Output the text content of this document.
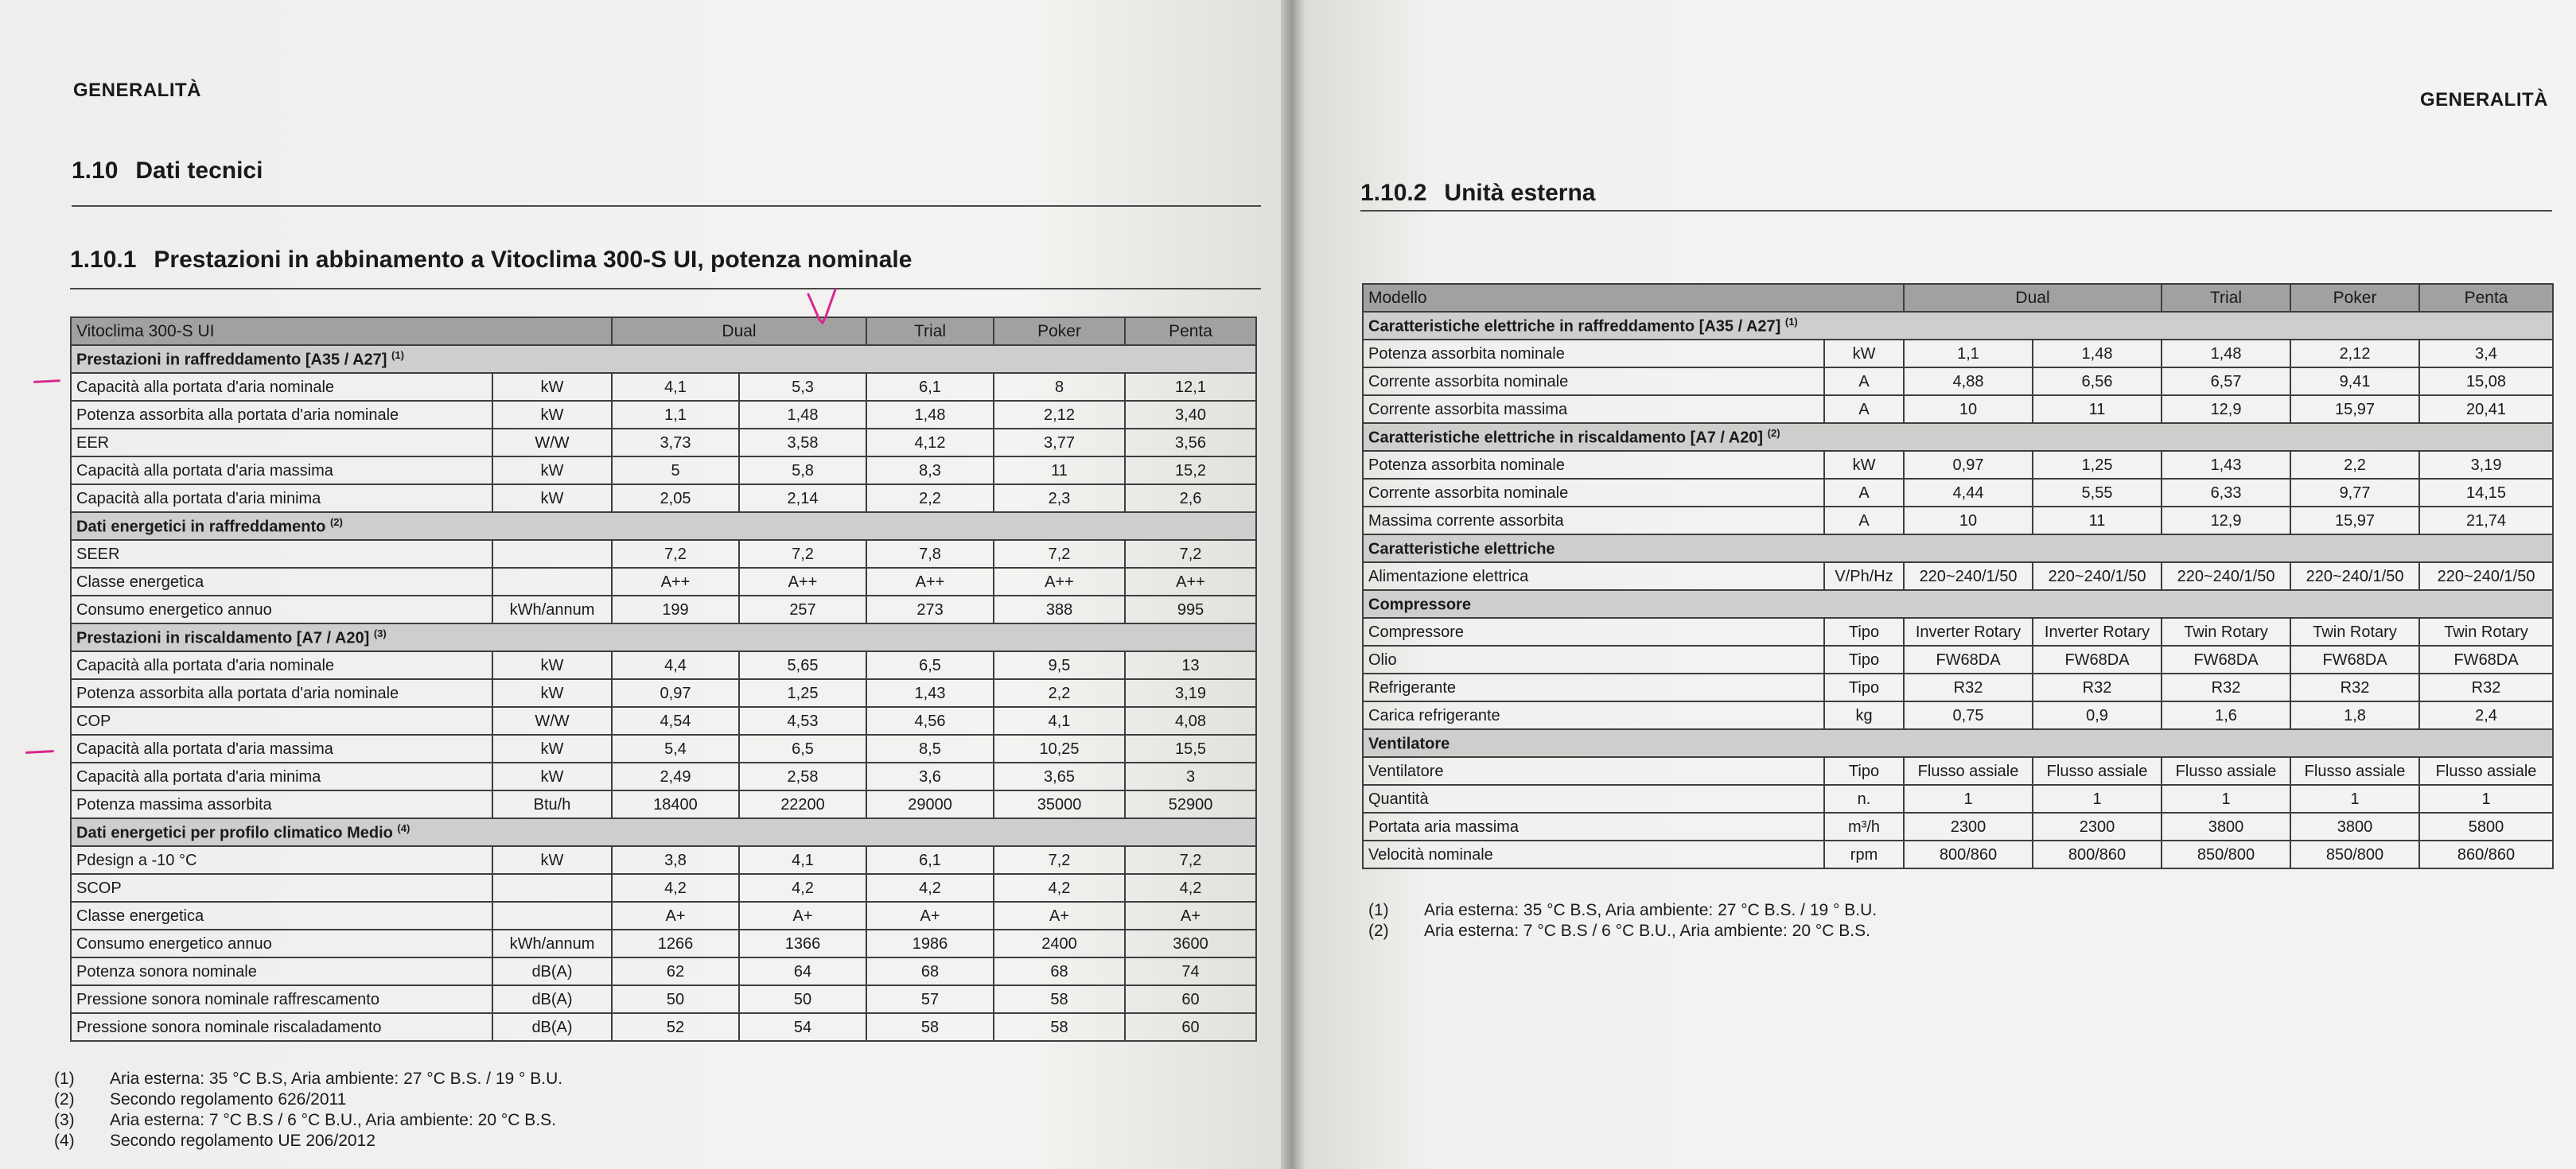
GENERALITÀ
1.10 Dati tecnici
1.10.1 Prestazioni in abbinamento a Vitoclima 300-S UI, potenza nominale
Vitoclima 300-S UI		Dual		Trial	Poker	Penta
Prestazioni in raffreddamento [A35 / A27] $^{(1)}$
Capacità alla portata d'aria nominale	kW	4,1	5,3	6,1	8	12,1
Potenza assorbita alla portata d'aria nominale	kW	1,1	1,48	1,48	2,12	3,40
EER	W/W	3,73	3,58	4,12	3,77	3,56
Capacità alla portata d'aria massima	kW	5	5,8	8,3	11	15,2
Capacità alla portata d'aria minima	kW	2,05	2,14	2,2	2,3	2,6
Dati energetici in raffreddamento $^{(2)}$
SEER		7,2	7,2	7,8	7,2	7,2
Classe energetica		A++	A++	A++	A++	A++
Consumo energetico annuo	kWh/annum	199	257	273	388	995
Prestazioni in riscaldamento [A7 / A20] $^{(3)}$
Capacità alla portata d'aria nominale	kW	4,4	5,65	6,5	9,5	13
Potenza assorbita alla portata d'aria nominale	kW	0,97	1,25	1,43	2,2	3,19
COP	W/W	4,54	4,53	4,56	4,1	4,08
Capacità alla portata d'aria massima	kW	5,4	6,5	8,5	10,25	15,5
Capacità alla portata d'aria minima	kW	2,49	2,58	3,6	3,65	3
Potenza massima assorbita	Btu/h	18400	22200	29000	35000	52900
Dati energetici per profilo climatico Medio $^{(4)}$
Pdesign a -10 °C	kW	3,8	4,1	6,1	7,2	7,2
SCOP		4,2	4,2	4,2	4,2	4,2
Classe energetica		A+	A+	A+	A+	A+
Consumo energetico annuo	kWh/annum	1266	1366	1986	2400	3600
Potenza sonora nominale	dB(A)	62	64	68	68	74
Pressione sonora nominale raffrescamento	dB(A)	50	50	57	58	60
Pressione sonora nominale riscaladamento	dB(A)	52	54	58	58	60
(1) Aria esterna: 35 °C B.S, Aria ambiente: 27 °C B.S. / 19 ° B.U.
(2) Secondo regolamento 626/2011
(3) Aria esterna: 7 °C B.S / 6 °C B.U., Aria ambiente: 20 °C B.S.
(4) Secondo regolamento UE 206/2012
GENERALITÀ
1.10.2 Unità esterna
Modello		Dual		Trial	Poker	Penta
Caratteristiche elettriche in raffreddamento [A35 / A27] $^{(1)}$
Potenza assorbita nominale	kW	1,1	1,48	1,48	2,12	3,4
Corrente assorbita nominale	A	4,88	6,56	6,57	9,41	15,08
Corrente assorbita massima	A	10	11	12,9	15,97	20,41
Caratteristiche elettriche in riscaldamento [A7 / A20] $^{(2)}$
Potenza assorbita nominale	kW	0,97	1,25	1,43	2,2	3,19
Corrente assorbita nominale	A	4,44	5,55	6,33	9,77	14,15
Massima corrente assorbita	A	10	11	12,9	15,97	21,74
Caratteristiche elettriche						
Alimentazione elettrica	V/Ph/Hz	220~240/1/50	220~240/1/50	220~240/1/50	220~240/1/50	220~240/1/50
Compressore						
Compressore	Tipo	Inverter Rotary	Inverter Rotary	Twin Rotary	Twin Rotary	Twin Rotary
Olio	Tipo	FW68DA	FW68DA	FW68DA	FW68DA	FW68DA
Refrigerante	Tipo	R32	R32	R32	R32	R32
Carica refrigerante	kg	0,75	0,9	1,6	1,8	2,4
Ventilatore						
Ventilatore	Tipo	Flusso assiale	Flusso assiale	Flusso assiale	Flusso assiale	Flusso assiale
Quantità	n.	1	1	1	1	1
Portata aria massima	m³/h	2300	2300	3800	3800	5800
Velocità nominale	rpm	800/860	800/860	850/800	850/800	860/860
(1) Aria esterna: 35 °C B.S, Aria ambiente: 27 °C B.S. / 19 ° B.U.
(2) Aria esterna: 7 °C B.S / 6 °C B.U., Aria ambiente: 20 °C B.S.
